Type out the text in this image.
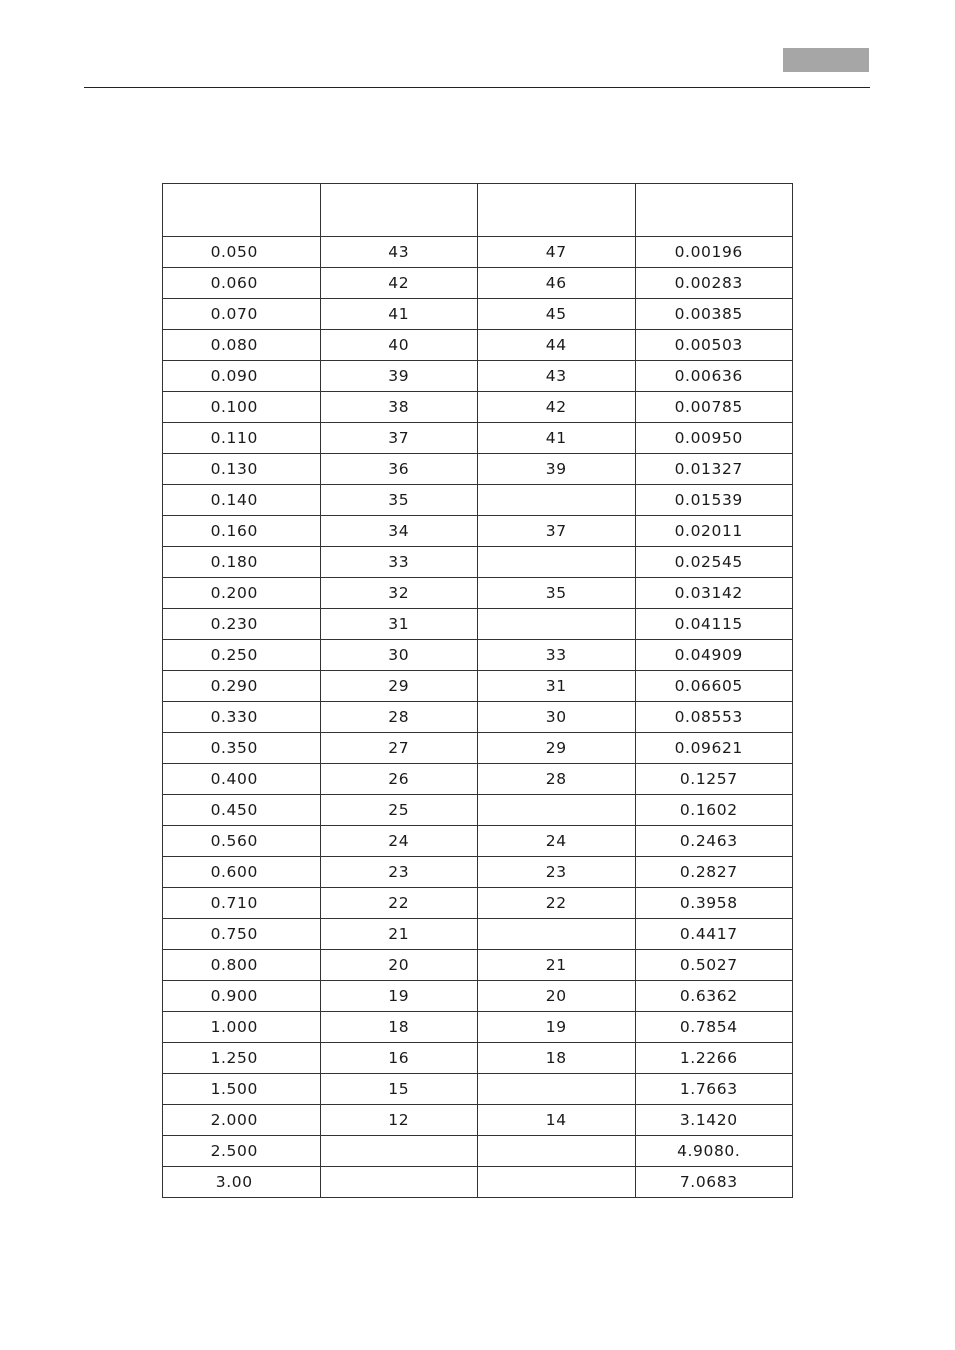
0.050	43	47	0.00196
0.060	42	46	0.00283
0.070	41	45	0.00385
0.080	40	44	0.00503
0.090	39	43	0.00636
0.100	38	42	0.00785
0.110	37	41	0.00950
0.130	36	39	0.01327
0.140	35		0.01539
0.160	34	37	0.02011
0.180	33		0.02545
0.200	32	35	0.03142
0.230	31		0.04115
0.250	30	33	0.04909
0.290	29	31	0.06605
0.330	28	30	0.08553
0.350	27	29	0.09621
0.400	26	28	0.1257
0.450	25		0.1602
0.560	24	24	0.2463
0.600	23	23	0.2827
0.710	22	22	0.3958
0.750	21		0.4417
0.800	20	21	0.5027
0.900	19	20	0.6362
1.000	18	19	0.7854
1.250	16	18	1.2266
1.500	15		1.7663
2.000	12	14	3.1420
2.500			4.9080.
3.00			7.0683
